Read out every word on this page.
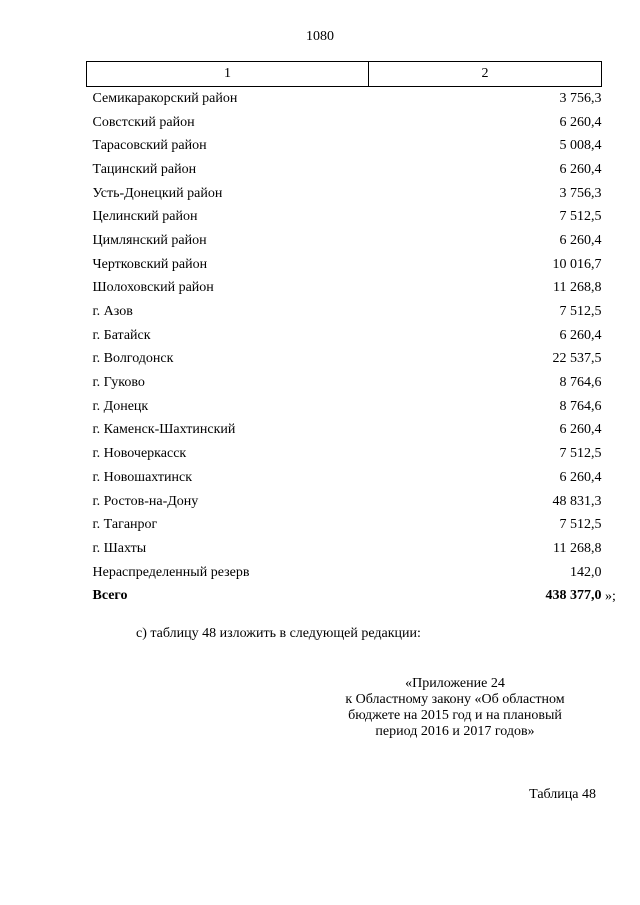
1080
1	2
Семикаракорский район	3 756,3
Совстский район	6 260,4
Тарасовский район	5 008,4
Тацинский район	6 260,4
Усть-Донецкий район	3 756,3
Целинский район	7 512,5
Цимлянский район	6 260,4
Чертковский район	10 016,7
Шолоховский район	11 268,8
г. Азов	7 512,5
г. Батайск	6 260,4
г. Волгодонск	22 537,5
г. Гуково	8 764,6
г. Донецк	8 764,6
г. Каменск-Шахтинский	6 260,4
г. Новочеркасск	7 512,5
г. Новошахтинск	6 260,4
г. Ростов-на-Дону	48 831,3
г. Таганрог	7 512,5
г. Шахты	11 268,8
Нераспределенный резерв	142,0
Всего	438 377,0 »;
с) таблицу 48 изложить в следующей редакции:
«Приложение 24
к Областному закону «Об областном
бюджете на 2015 год и на плановый
период 2016 и 2017 годов»
Таблица 48
